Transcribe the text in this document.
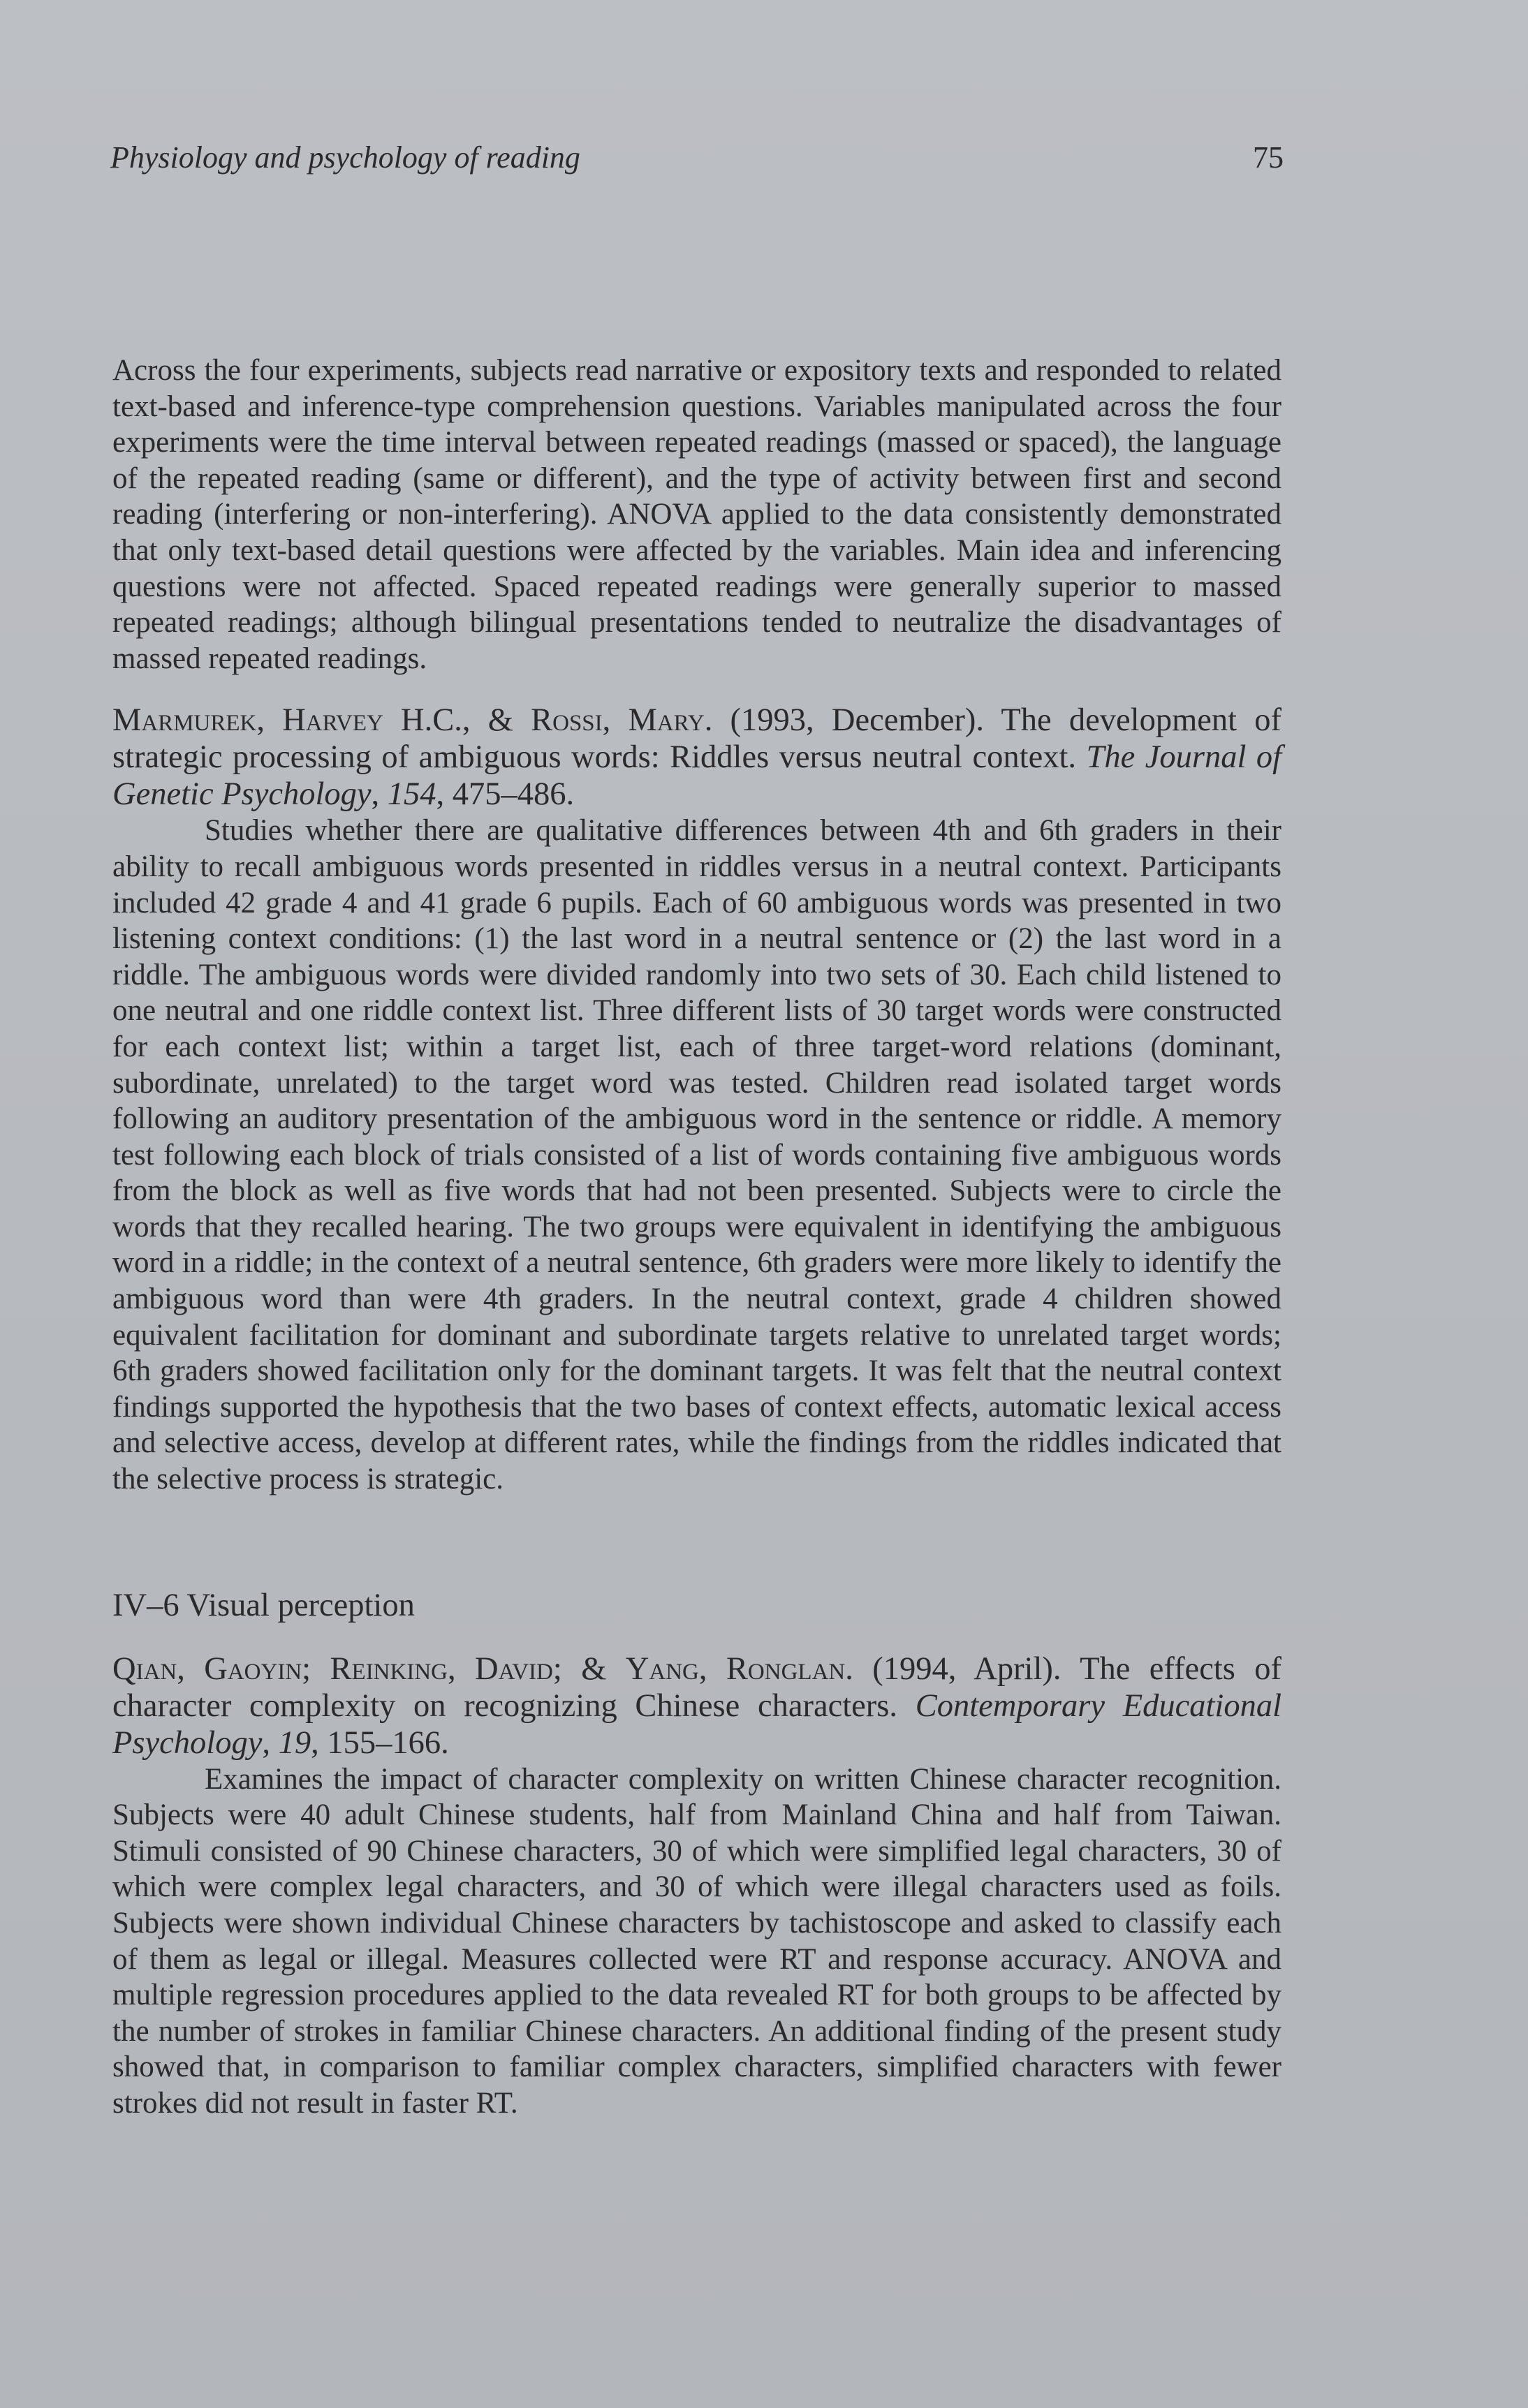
Physiology and psychology of reading	75

Across the four experiments, subjects read narrative or expository texts and responded to related text-based and inference-type comprehension questions. Variables manipulated across the four experiments were the time interval between repeated readings (massed or spaced), the language of the repeated reading (same or different), and the type of activity between first and second reading (interfering or non-interfering). ANOVA applied to the data consistently demonstrated that only text-based detail questions were affected by the variables. Main idea and inferencing questions were not affected. Spaced repeated readings were generally superior to massed repeated readings; although bilingual presentations tended to neutralize the disadvantages of massed repeated readings.

Marmurek, Harvey H.C., & Rossi, Mary. (1993, December). The development of strategic processing of ambiguous words: Riddles versus neutral context. The Journal of Genetic Psychology, 154, 475–486.

Studies whether there are qualitative differences between 4th and 6th graders in their ability to recall ambiguous words presented in riddles versus in a neutral context. Participants included 42 grade 4 and 41 grade 6 pupils. Each of 60 ambiguous words was presented in two listening context conditions: (1) the last word in a neutral sentence or (2) the last word in a riddle. The ambiguous words were divided randomly into two sets of 30. Each child listened to one neutral and one riddle context list. Three different lists of 30 target words were constructed for each context list; within a target list, each of three target-word relations (dominant, subordinate, unrelated) to the target word was tested. Children read isolated target words following an auditory presentation of the ambiguous word in the sentence or riddle. A memory test following each block of trials consisted of a list of words containing five ambiguous words from the block as well as five words that had not been presented. Subjects were to circle the words that they recalled hearing. The two groups were equivalent in identifying the ambiguous word in a riddle; in the context of a neutral sentence, 6th graders were more likely to identify the ambiguous word than were 4th graders. In the neutral context, grade 4 children showed equivalent facilitation for dominant and subordinate targets relative to unrelated target words; 6th graders showed facilitation only for the dominant targets. It was felt that the neutral context findings supported the hypothesis that the two bases of context effects, automatic lexical access and selective access, develop at different rates, while the findings from the riddles indicated that the selective process is strategic.

IV–6 Visual perception

Qian, Gaoyin; Reinking, David; & Yang, Ronglan. (1994, April). The effects of character complexity on recognizing Chinese characters. Contemporary Educational Psychology, 19, 155–166.

Examines the impact of character complexity on written Chinese character recognition. Subjects were 40 adult Chinese students, half from Mainland China and half from Taiwan. Stimuli consisted of 90 Chinese characters, 30 of which were simplified legal characters, 30 of which were complex legal characters, and 30 of which were illegal characters used as foils. Subjects were shown individual Chinese characters by tachistoscope and asked to classify each of them as legal or illegal. Measures collected were RT and response accuracy. ANOVA and multiple regression procedures applied to the data revealed RT for both groups to be affected by the number of strokes in familiar Chinese characters. An additional finding of the present study showed that, in comparison to familiar complex characters, simplified characters with fewer strokes did not result in faster RT.
